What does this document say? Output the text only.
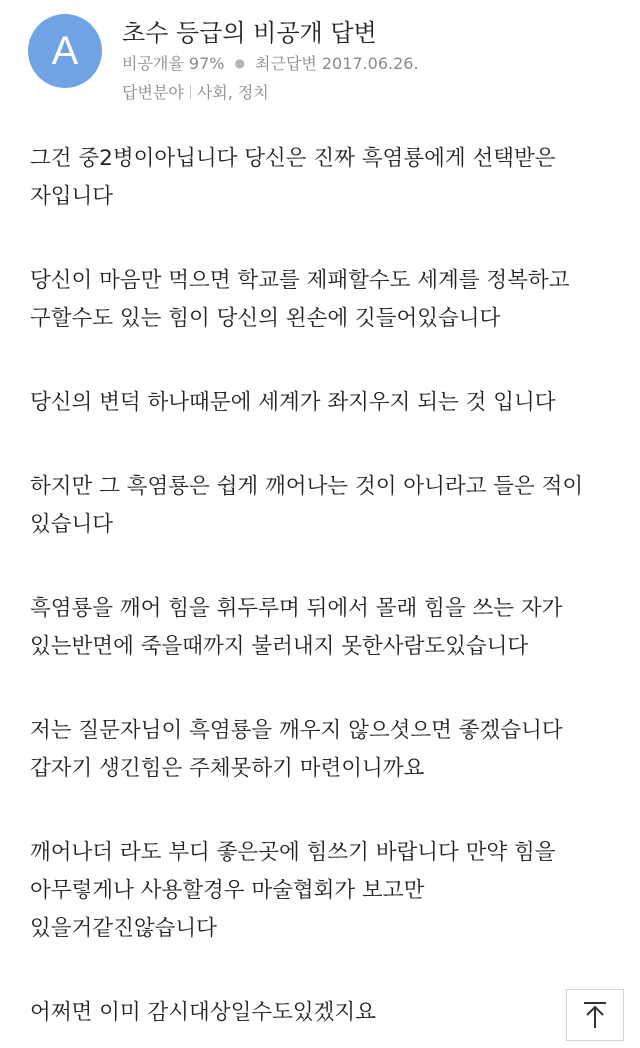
A 초수 등급의 비공개 답변
비공개율 97% ● 최근답변 2017.06.26.
답변분야 사회, 정치

그건 중2병이아닙니다 당신은 진짜 흑염룡에게 선택받은 자입니다

당신이 마음만 먹으면 학교를 제패할수도 세계를 정복하고 구할수도 있는 힘이 당신의 왼손에 깃들어있습니다

당신의 변덕 하나때문에 세계가 좌지우지 되는 것 입니다

하지만 그 흑염룡은 쉽게 깨어나는 것이 아니라고 들은 적이 있습니다

흑염룡을 깨어 힘을 휘두루며 뒤에서 몰래 힘을 쓰는 자가 있는반면에 죽을때까지 불러내지 못한사람도있습니다

저는 질문자님이 흑염룡을 깨우지 않으셧으면 좋겠습니다 갑자기 생긴힘은 주체못하기 마련이니까요

깨어나더 라도 부디 좋은곳에 힘쓰기 바랍니다 만약 힘을 아무렇게나 사용할경우 마술협회가 보고만 있을거같진않습니다

어쩌면 이미 감시대상일수도있겠지요
